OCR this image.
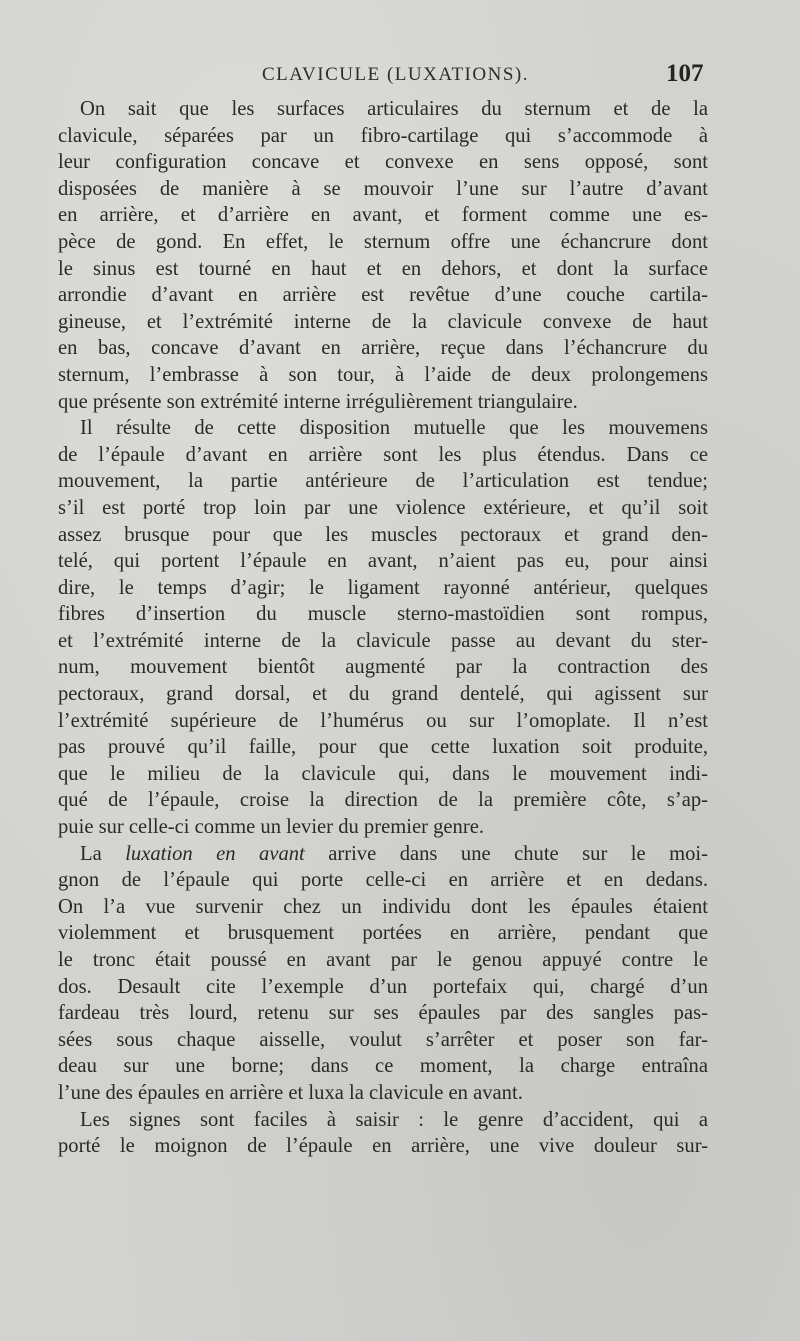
CLAVICULE (LUXATIONS).	107
On sait que les surfaces articulaires du sternum et de la
clavicule, séparées par un fibro-cartilage qui s’accommode à
leur configuration concave et convexe en sens opposé, sont
disposées de manière à se mouvoir l’une sur l’autre d’avant
en arrière, et d’arrière en avant, et forment comme une es-
pèce de gond. En effet, le sternum offre une échancrure dont
le sinus est tourné en haut et en dehors, et dont la surface
arrondie d’avant en arrière est revêtue d’une couche cartila-
gineuse, et l’extrémité interne de la clavicule convexe de haut
en bas, concave d’avant en arrière, reçue dans l’échancrure du
sternum, l’embrasse à son tour, à l’aide de deux prolongemens
que présente son extrémité interne irrégulièrement triangulaire.
Il résulte de cette disposition mutuelle que les mouvemens
de l’épaule d’avant en arrière sont les plus étendus. Dans ce
mouvement, la partie antérieure de l’articulation est tendue;
s’il est porté trop loin par une violence extérieure, et qu’il soit
assez brusque pour que les muscles pectoraux et grand den-
telé, qui portent l’épaule en avant, n’aient pas eu, pour ainsi
dire, le temps d’agir; le ligament rayonné antérieur, quelques
fibres d’insertion du muscle sterno-mastoïdien sont rompus,
et l’extrémité interne de la clavicule passe au devant du ster-
num, mouvement bientôt augmenté par la contraction des
pectoraux, grand dorsal, et du grand dentelé, qui agissent sur
l’extrémité supérieure de l’humérus ou sur l’omoplate. Il n’est
pas prouvé qu’il faille, pour que cette luxation soit produite,
que le milieu de la clavicule qui, dans le mouvement indi-
qué de l’épaule, croise la direction de la première côte, s’ap-
puie sur celle-ci comme un levier du premier genre.
La luxation en avant arrive dans une chute sur le moi-
gnon de l’épaule qui porte celle-ci en arrière et en dedans.
On l’a vue survenir chez un individu dont les épaules étaient
violemment et brusquement portées en arrière, pendant que
le tronc était poussé en avant par le genou appuyé contre le
dos. Desault cite l’exemple d’un portefaix qui, chargé d’un
fardeau très lourd, retenu sur ses épaules par des sangles pas-
sées sous chaque aisselle, voulut s’arrêter et poser son far-
deau sur une borne; dans ce moment, la charge entraîna
l’une des épaules en arrière et luxa la clavicule en avant.
Les signes sont faciles à saisir : le genre d’accident, qui a
porté le moignon de l’épaule en arrière, une vive douleur sur-
